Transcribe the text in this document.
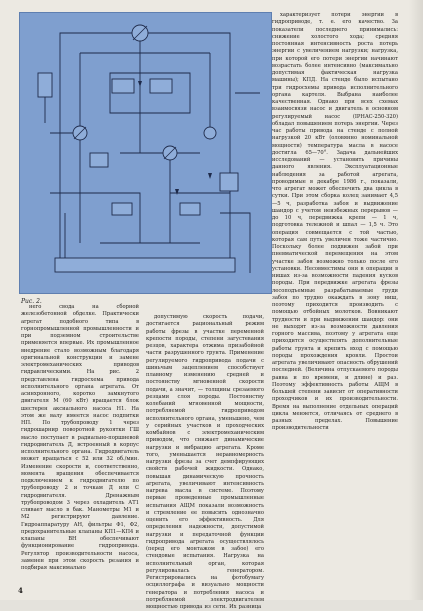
Рис. 2.

него свода на сборной железобетонной обделке. Практически агрегат подобного типа в горнопромышленной промышленности и при подземном строительстве применяется впервые. Их промышленное внедрение стало возможным благодаря оригинальной конструкции и замене электромеханических приводов гидравлическими. На рис. 2 представлена гидросхема привода исполнительного органа агрегата. От асинхронного, коротко замкнутого двигателя М (60 кВт) вращается блок шестерен аксиального насоса Н1. На этом же валу имеется насос подпитки НП. По трубопроводу 1 через гидрошарнир поворотной рукоятки ГШ масло поступает в радиально-поршневой гидродвигатель Д, встроенный в корпус исполнительного органа. Гидродвигатель может вращаться с 52 или 32 об./мин. Изменение скорости и, соответственно, момента вращения обеспечивается подключением к гидродвигателю по трубопроводу 2 и точкам Д или С гидродвигателя. Дренажным трубопроводом 3 через охладитель АТ1 сливает масло в бак. Манометры М1 и М2 регистрируют давление. Гидроаппаратуру АН, фильтры Ф1, Ф2, предохранительные клапаны КП1—КП4 и клапаны ВН обеспечивают функционирование гидропривода. Регулятор производительности насоса, заменен при этом скорость резания и подбирая максимально

допустимую скорость подачи, достигается рациональный режим работы фрезы в участке переменной крепости породы, степени загустевания резцов, характера отжима призабойной части разрушенного грунта. Применение регулируемого гидропривода подачи с шиньчым зацеплением способствует плавному изменению средней и постоянству мгновенной скорости подачи, а значит, — толщины срезаемого резцами слоя породы. Постоянству колебаний мгновенной мощности, потребляемой гидроприводом исполнительного органа, уменьшено, чем у серийных участков и проходческих комбайнов с электромеханическим приводом, что снижает динамические нагрузки и вибрацию агрегата. Кроме того, уменьшается неравномерность нагрузки фрезы за счет демпфирующих свойств рабочей жидкости. Однако, повышая динамическую прочность агрегата, увеличивают интенсивность нагрева масла в системе. Поэтому первые проведенные промышленные испытания АЩМ показали возможность и стремление ее повысить однозначно оценить его эффективность. Для определения надежности, допустимой нагрузки и передаточной функции гидропривода агрегата осуществлялось (перед его монтажом в забое) его стендовые испытания. Нагрузка на исполнительный орган, которая регулировалась генератором. Регистрировались на фотобумагу осциллографа и визуально мощности генератора и потребления насоса и потребляемой электродвигателем мощностью привода из сети. Их разница

характеризует потери энергии в гидроприводе, т. е. его качество. За показатели последнего принимались: снижение холостого хода; средняя постоянная интенсивность роста потерь энергии с увеличением нагрузки; нагрузка, при которой его потери энергии начинают возрастать более интенсивно (максимально допустимая фактическая нагрузка машины); КПД. На стенде было испытано три гидросхемы привода исполнительного органа картеля. Выбрана наиболее качественная. Однако при всех схемах взаимосвязи насос и двигатель в основном регулируемый насос (IPHAC-250-320) обладал повышением потерь энергии. Через час работы привода на стенде с полной нагрузкой 20 кВт (оловянно номинальной мощности) температура масла в насосе достигла 65—70°. Задача дальнейших исследований — установить причины данного явления. Эксплуатационные наблюдения за работой агрегата, проводимые в декабре 1986 г., показали, что агрегат может обеспечить два цикла в сутки. При этом сборка колец занимает 4,5—5 ч, разработка забоя и выдвижение шандор с учетом неизбежных перерывов — до 10 ч, передвижка крепи — 1 ч, подготовка тележной и шпал — 1,5 ч. Это операция совмещается с той частью, которая сам путь увеличен тоже частично. Поскольку более подвижен забой при пневматической перемещения на этом участке забоя возможно только после его установки. Несовместимы они в операции в нишах из-за возможности падения кусков породы. При передвижке агрегата фрезы лесоподъемные разрабатываемые груди забоя по трудно окаждать в зону ниш, поэтому приходится производить с помощью отбойных молотков. Вовникают трудности и при выдвижении шандор: они не выходят из-за возможности давления горного массива, поэтому у агрегата еще приходится осуществлять дополнительные работы грунта и крепить вход с помощью породы прохождения кровли. Простои агрегата увеличивают опасность обрушений последней. (Величина отпускаемого породы равна и по времени, и длине) и раз. Поэтому эффективность работы АЩМ в большей степени зависит от оперативности проходчиков и их производительности. Время на выполнение отдельных операций цикла меняется, отличаясь от среднего в разных пределах. Повышение производительности

4
